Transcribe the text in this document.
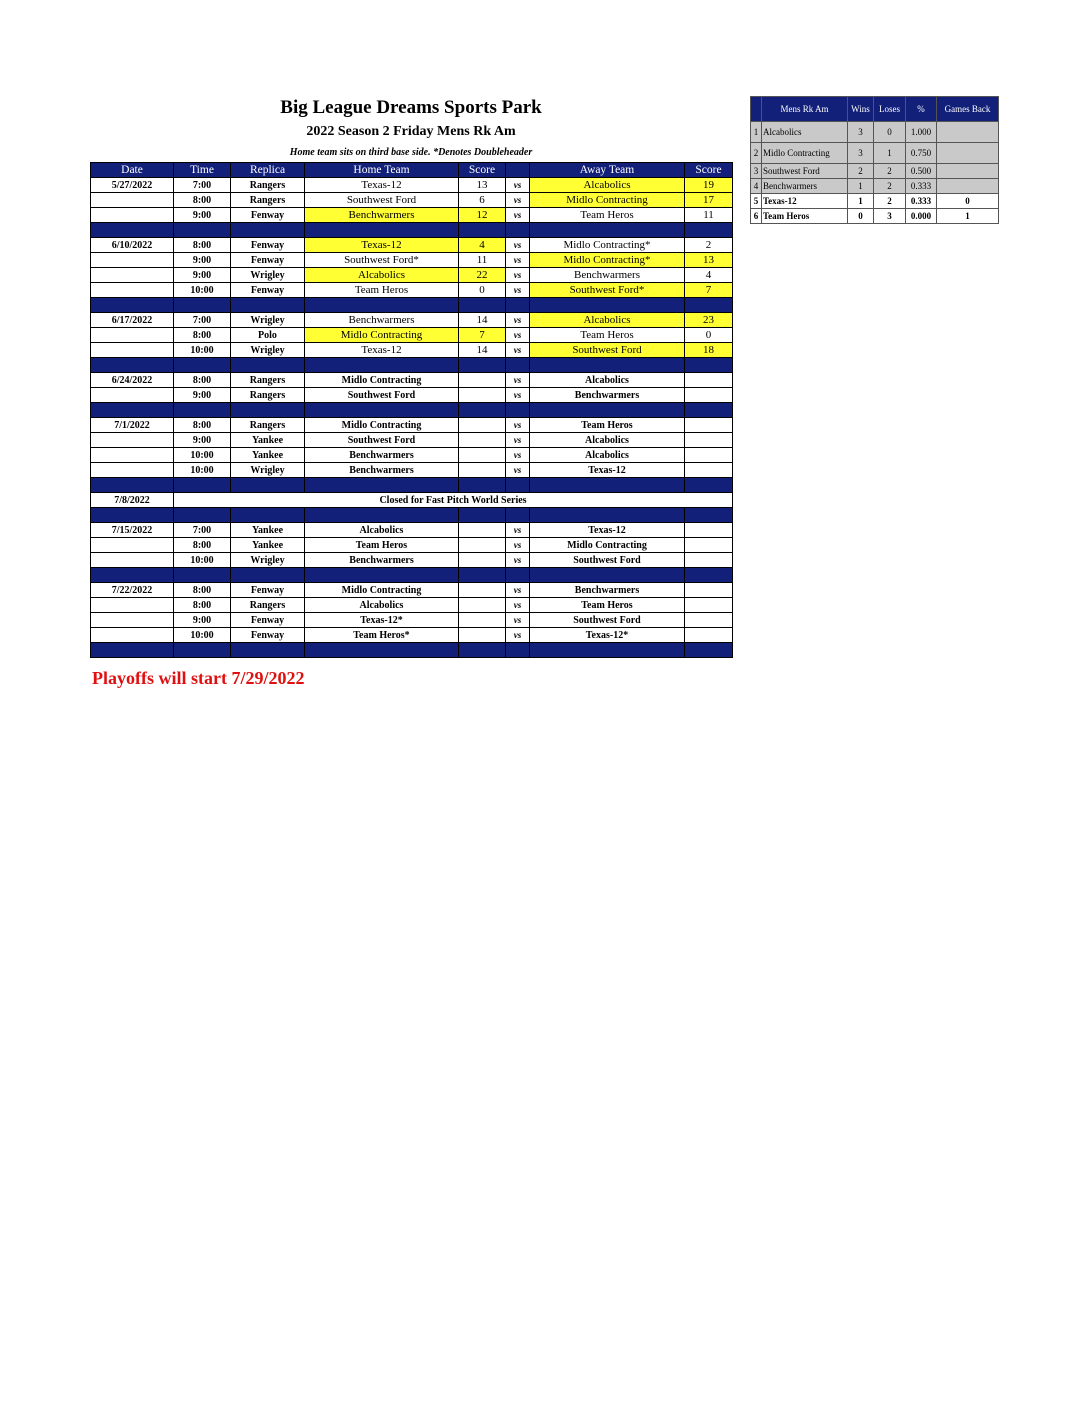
Big League Dreams Sports Park
2022 Season 2 Friday Mens Rk Am
Home team sits on third base side. *Denotes Doubleheader
Date	Time	Replica	Home Team	Score		Away Team	Score
5/27/2022	7:00	Rangers	Texas-12	13	vs	Alcabolics	19
	8:00	Rangers	Southwest Ford	6	vs	Midlo Contracting	17
	9:00	Fenway	Benchwarmers	12	vs	Team Heros	11

6/10/2022	8:00	Fenway	Texas-12	4	vs	Midlo Contracting*	2
	9:00	Fenway	Southwest Ford*	11	vs	Midlo Contracting*	13
	9:00	Wrigley	Alcabolics	22	vs	Benchwarmers	4
	10:00	Fenway	Team Heros	0	vs	Southwest Ford*	7

6/17/2022	7:00	Wrigley	Benchwarmers	14	vs	Alcabolics	23
	8:00	Polo	Midlo Contracting	7	vs	Team Heros	0
	10:00	Wrigley	Texas-12	14	vs	Southwest Ford	18

6/24/2022	8:00	Rangers	Midlo Contracting		vs	Alcabolics	
	9:00	Rangers	Southwest Ford		vs	Benchwarmers	

7/1/2022	8:00	Rangers	Midlo Contracting		vs	Team Heros	
	9:00	Yankee	Southwest Ford		vs	Alcabolics	
	10:00	Yankee	Benchwarmers		vs	Alcabolics	
	10:00	Wrigley	Benchwarmers		vs	Texas-12	

7/8/2022	Closed for Fast Pitch World Series						

7/15/2022	7:00	Yankee	Alcabolics		vs	Texas-12	
	8:00	Yankee	Team Heros		vs	Midlo Contracting	
	10:00	Wrigley	Benchwarmers		vs	Southwest Ford	

7/22/2022	8:00	Fenway	Midlo Contracting		vs	Benchwarmers	
	8:00	Rangers	Alcabolics		vs	Team Heros	
	9:00	Fenway	Texas-12*		vs	Southwest Ford	
	10:00	Fenway	Team Heros*		vs	Texas-12*	

	Mens Rk Am	Wins	Loses	%	Games Back
1	Alcabolics	3	0	1.000	
2	Midlo Contracting	3	1	0.750	
3	Southwest Ford	2	2	0.500	
4	Benchwarmers	1	2	0.333	
5	Texas-12	1	2	0.333	0
6	Team Heros	0	3	0.000	1
Playoffs will start 7/29/2022
